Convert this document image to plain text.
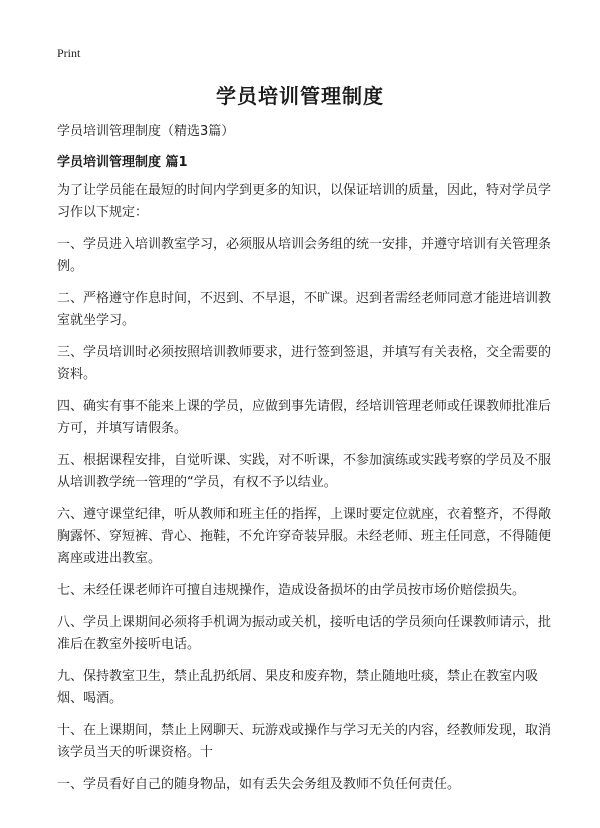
Print
学员培训管理制度

学员培训管理制度（精选3篇）

学员培训管理制度 篇1

为了让学员能在最短的时间内学到更多的知识，以保证培训的质量，因此，特对学员学习作以下规定：

一、学员进入培训教室学习，必须服从培训会务组的统一安排，并遵守培训有关管理条例。

二、严格遵守作息时间，不迟到、不早退，不旷课。迟到者需经老师同意才能进培训教室就坐学习。

三、学员培训时必须按照培训教师要求，进行签到签退，并填写有关表格，交全需要的资料。

四、确实有事不能来上课的学员，应做到事先请假，经培训管理老师或任课教师批准后方可，并填写请假条。

五、根据课程安排，自觉听课、实践，对不听课，不参加演练或实践考察的学员及不服从培训教学统一管理的“学员，有权不予以结业。

六、遵守课堂纪律，听从教师和班主任的指挥，上课时要定位就座，衣着整齐，不得敞胸露怀、穿短裤、背心、拖鞋，不允许穿奇装异服。未经老师、班主任同意，不得随便离座或进出教室。

七、未经任课老师许可擅自违规操作，造成设备损坏的由学员按市场价赔偿损失。

八、学员上课期间必须将手机调为振动或关机，接听电话的学员须向任课教师请示，批准后在教室外接听电话。

九、保持教室卫生，禁止乱扔纸屑、果皮和废弃物，禁止随地吐痰，禁止在教室内吸烟、喝酒。

十、在上课期间，禁止上网聊天、玩游戏或操作与学习无关的内容，经教师发现，取消该学员当天的听课资格。十

一、学员看好自己的随身物品，如有丢失会务组及教师不负任何责任。
